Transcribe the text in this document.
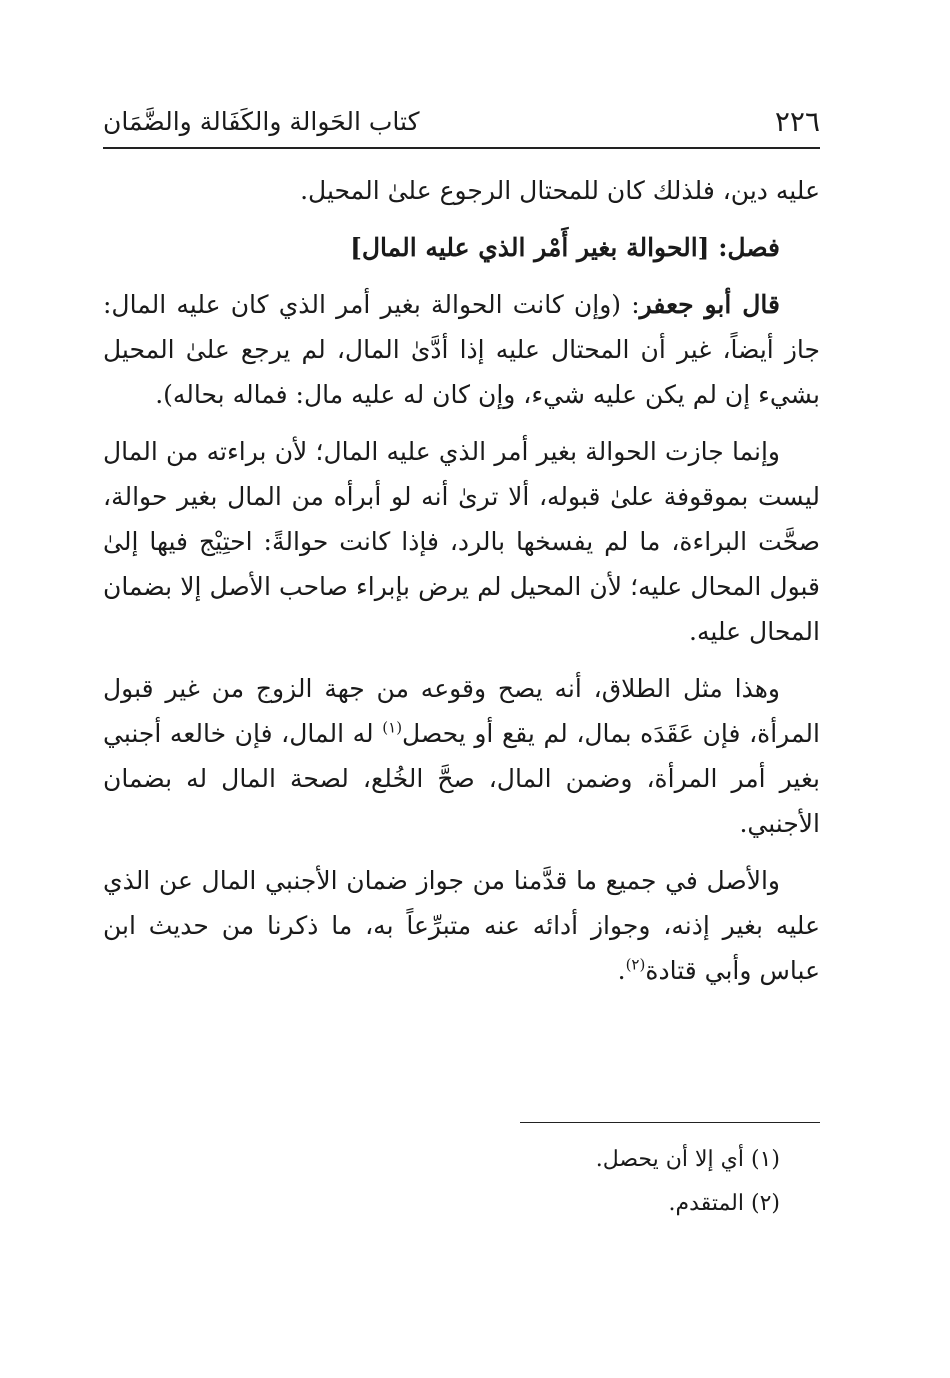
٢٢٦
كتاب الحَوالة والكَفَالة والضَّمَان

عليه دين، فلذلك كان للمحتال الرجوع علىٰ المحيل.

فصل: [الحوالة بغير أَمْر الذي عليه المال]

قال أبو جعفر: (وإن كانت الحوالة بغير أمر الذي كان عليه المال: جاز أيضاً، غير أن المحتال عليه إذا أدَّىٰ المال، لم يرجع علىٰ المحيل بشيء إن لم يكن عليه شيء، وإن كان له عليه مال: فماله بحاله).

وإنما جازت الحوالة بغير أمر الذي عليه المال؛ لأن براءته من المال ليست بموقوفة علىٰ قبوله، ألا ترىٰ أنه لو أبرأه من المال بغير حوالة، صحَّت البراءة، ما لم يفسخها بالرد، فإذا كانت حوالةً: احتِيْج فيها إلىٰ قبول المحال عليه؛ لأن المحيل لم يرض بإبراء صاحب الأصل إلا بضمان المحال عليه.

وهذا مثل الطلاق، أنه يصح وقوعه من جهة الزوج من غير قبول المرأة، فإن عَقَدَه بمال، لم يقع أو يحصل$^{(١)}$ له المال، فإن خالعه أجنبي بغير أمر المرأة، وضمن المال، صحَّ الخُلع، لصحة المال له بضمان الأجنبي.

والأصل في جميع ما قدَّمنا من جواز ضمان الأجنبي المال عن الذي عليه بغير إذنه، وجواز أدائه عنه متبرِّعاً به، ما ذكرنا من حديث ابن عباس وأبي قتادة$^{(٢)}$.

(١) أي إلا أن يحصل.

(٢) المتقدم.
